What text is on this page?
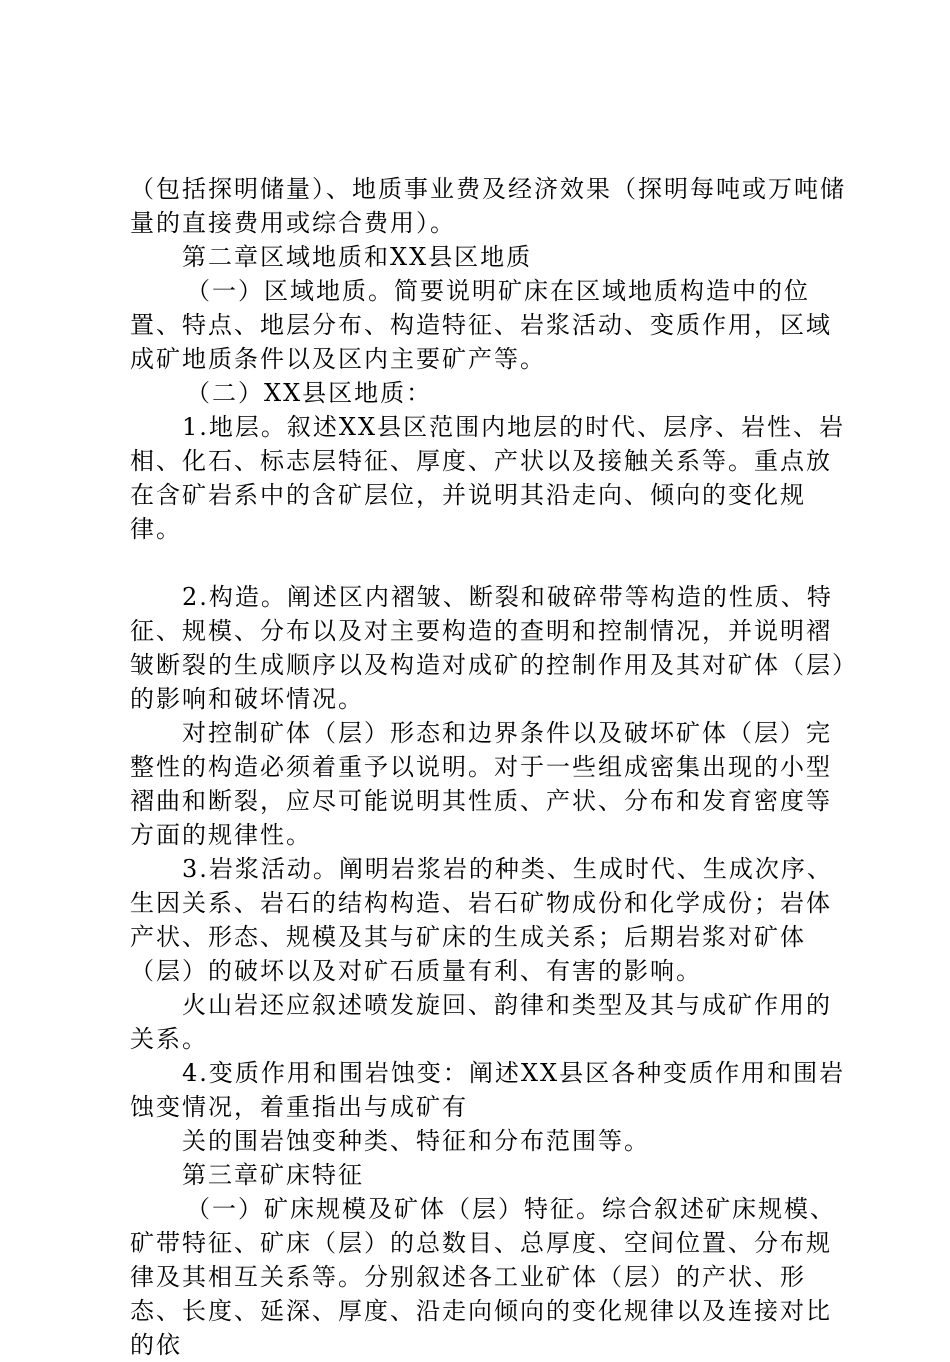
（包括探明储量）、地质事业费及经济效果（探明每吨或万吨储量的直接费用或综合费用）。

第二章区域地质和XX县区地质

（一）区域地质。简要说明矿床在区域地质构造中的位置、特点、地层分布、构造特征、岩浆活动、变质作用，区域成矿地质条件以及区内主要矿产等。

（二）XX县区地质：

1.地层。叙述XX县区范围内地层的时代、层序、岩性、岩相、化石、标志层特征、厚度、产状以及接触关系等。重点放在含矿岩系中的含矿层位，并说明其沿走向、倾向的变化规律。

2.构造。阐述区内褶皱、断裂和破碎带等构造的性质、特征、规模、分布以及对主要构造的查明和控制情况，并说明褶皱断裂的生成顺序以及构造对成矿的控制作用及其对矿体（层）的影响和破坏情况。

对控制矿体（层）形态和边界条件以及破坏矿体（层）完整性的构造必须着重予以说明。对于一些组成密集出现的小型褶曲和断裂，应尽可能说明其性质、产状、分布和发育密度等方面的规律性。

3.岩浆活动。阐明岩浆岩的种类、生成时代、生成次序、生因关系、岩石的结构构造、岩石矿物成份和化学成份；岩体产状、形态、规模及其与矿床的生成关系；后期岩浆对矿体（层）的破坏以及对矿石质量有利、有害的影响。

火山岩还应叙述喷发旋回、韵律和类型及其与成矿作用的关系。

4.变质作用和围岩蚀变：阐述XX县区各种变质作用和围岩蚀变情况，着重指出与成矿有

关的围岩蚀变种类、特征和分布范围等。

第三章矿床特征

（一）矿床规模及矿体（层）特征。综合叙述矿床规模、矿带特征、矿床（层）的总数目、总厚度、空间位置、分布规律及其相互关系等。分别叙述各工业矿体（层）的产状、形态、长度、延深、厚度、沿走向倾向的变化规律以及连接对比的依
